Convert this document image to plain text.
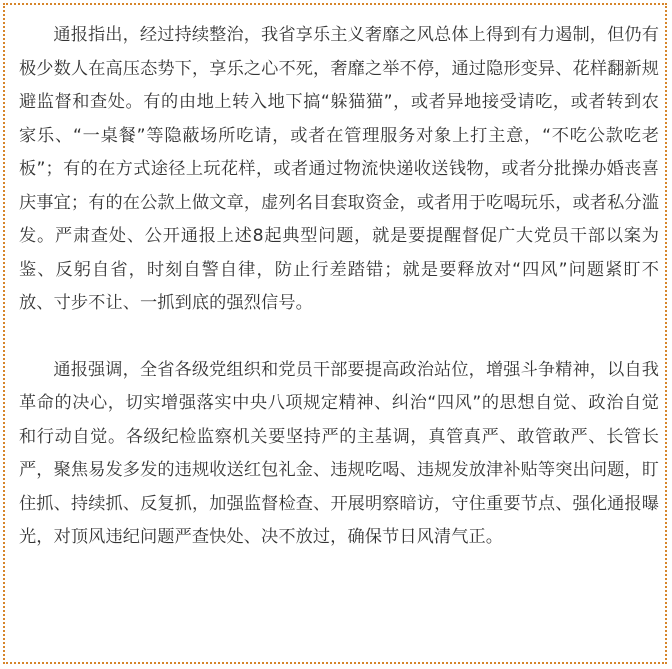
通报指出，经过持续整治，我省享乐主义奢靡之风总体上得到有力遏制，但仍有极少数人在高压态势下，享乐之心不死，奢靡之举不停，通过隐形变异、花样翻新规避监督和查处。有的由地上转入地下搞“躲猫猫”，或者异地接受请吃，或者转到农家乐、“一桌餐”等隐蔽场所吃请，或者在管理服务对象上打主意，“不吃公款吃老板”；有的在方式途径上玩花样，或者通过物流快递收送钱物，或者分批操办婚丧喜庆事宜；有的在公款上做文章，虚列名目套取资金，或者用于吃喝玩乐，或者私分滥发。严肃查处、公开通报上述8起典型问题，就是要提醒督促广大党员干部以案为鉴、反躬自省，时刻自警自律，防止行差踏错；就是要释放对“四风”问题紧盯不放、寸步不让、一抓到底的强烈信号。

通报强调，全省各级党组织和党员干部要提高政治站位，增强斗争精神，以自我革命的决心，切实增强落实中央八项规定精神、纠治“四风”的思想自觉、政治自觉和行动自觉。各级纪检监察机关要坚持严的主基调，真管真严、敢管敢严、长管长严，聚焦易发多发的违规收送红包礼金、违规吃喝、违规发放津补贴等突出问题，盯住抓、持续抓、反复抓，加强监督检查、开展明察暗访，守住重要节点、强化通报曝光，对顶风违纪问题严查快处、决不放过，确保节日风清气正。
